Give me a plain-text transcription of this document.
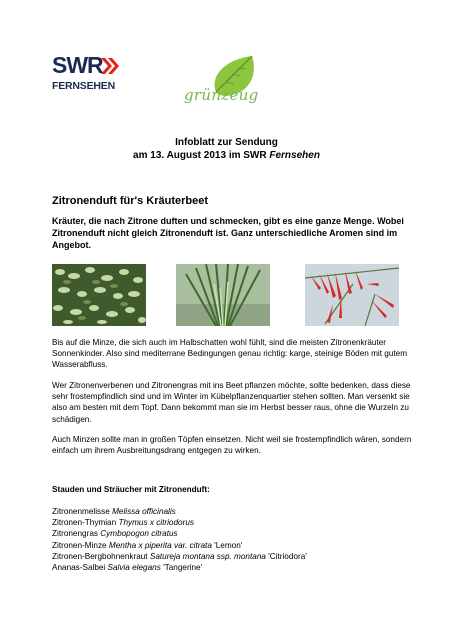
SWR
FERNSEHEN	grünzeug
Infoblatt zur Sendung
am 13. August 2013 im SWR Fernsehen
Zitronenduft für's Kräuterbeet
Kräuter, die nach Zitrone duften und schmecken, gibt es eine ganze Menge. Wobei Zitronenduft nicht gleich Zitronenduft ist. Ganz unterschiedliche Aromen sind im Angebot.

Bis auf die Minze, die sich auch im Halbschatten wohl fühlt, sind die meisten Zitronenkräuter Sonnenkinder. Also sind mediterrane Bedingungen genau richtig: karge, steinige Böden mit gutem Wasserabfluss.

Wer Zitronenverbenen und Zitronengras mit ins Beet pflanzen möchte, sollte bedenken, dass diese sehr frostempfindlich sind und im Winter im Kübelpflanzenquartier stehen sollten. Man versenkt sie also am besten mit dem Topf. Dann bekommt man sie im Herbst besser raus, ohne die Wurzeln zu schädigen.

Auch Minzen sollte man in großen Töpfen einsetzen. Nicht weil sie frostempfindlich wären, sondern einfach um ihrem Ausbreitungsdrang entgegen zu wirken.

Stauden und Sträucher mit Zitronenduft:
Zitronenmelisse Melissa officinalis
Zitronen-Thymian Thymus x citriodorus
Zitronengras Cymbopogon citratus
Zitronen-Minze Mentha x piperita var. citrata 'Lemon'
Zitronen-Bergbohnenkraut Satureja montana ssp. montana 'Citriodora'
Ananas-Salbei Salvia elegans 'Tangerine'
